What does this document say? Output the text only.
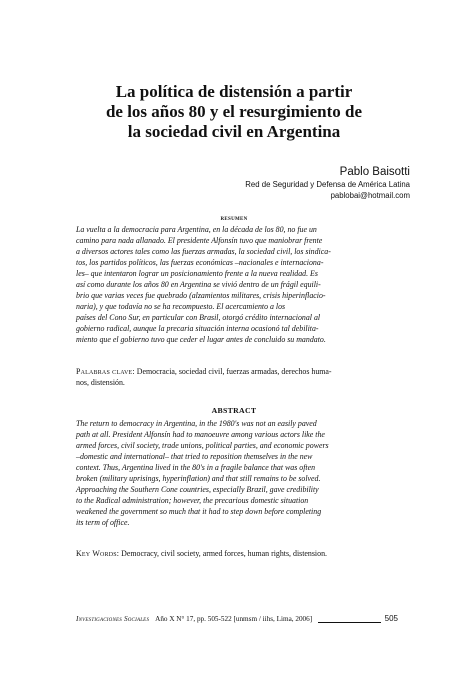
La política de distensión a partir
de los años 80 y el resurgimiento de
la sociedad civil en Argentina
Pablo Baisotti
Red de Seguridad y Defensa de América Latina
pablobai@hotmail.com
resumen
La vuelta a la democracia para Argentina, en la década de los 80, no fue un
camino para nada allanado. El presidente Alfonsín tuvo que maniobrar frente
a diversos actores tales como las fuerzas armadas, la sociedad civil, los sindica-
tos, los partidos políticos, las fuerzas económicas –nacionales e internaciona-
les– que intentaron lograr un posicionamiento frente a la nueva realidad. Es
así como durante los años 80 en Argentina se vivió dentro de un frágil equili-
brio que varias veces fue quebrado (alzamientos militares, crisis hiperinflacio-
naria), y que todavía no se ha recompuesto. El acercamiento a los
países del Cono Sur, en particular con Brasil, otorgó crédito internacional al
gobierno radical, aunque la precaria situación interna ocasionó tal debilita-
miento que el gobierno tuvo que ceder el lugar antes de concluido su mandato.
Palabras clave: Democracia, sociedad civil, fuerzas armadas, derechos huma-
nos, distensión.
ABSTRACT
The return to democracy in Argentina, in the 1980's was not an easily paved
path at all. President Alfonsín had to manoeuvre among various actors like the
armed forces, civil society, trade unions, political parties, and economic powers
–domestic and international– that tried to reposition themselves in the new
context. Thus, Argentina lived in the 80's in a fragile balance that was often
broken (military uprisings, hyperinflation) and that still remains to be solved.
Approaching the Southern Cone countries, especially Brazil, gave credibility
to the Radical administration; however, the precarious domestic situation
weakened the government so much that it had to step down before completing
its term of office.
Key Words: Democracy, civil society, armed forces, human rights, distension.
Investigaciones Sociales Año X N° 17, pp. 505-522 [unmsm / iihs, Lima, 2006]	505
